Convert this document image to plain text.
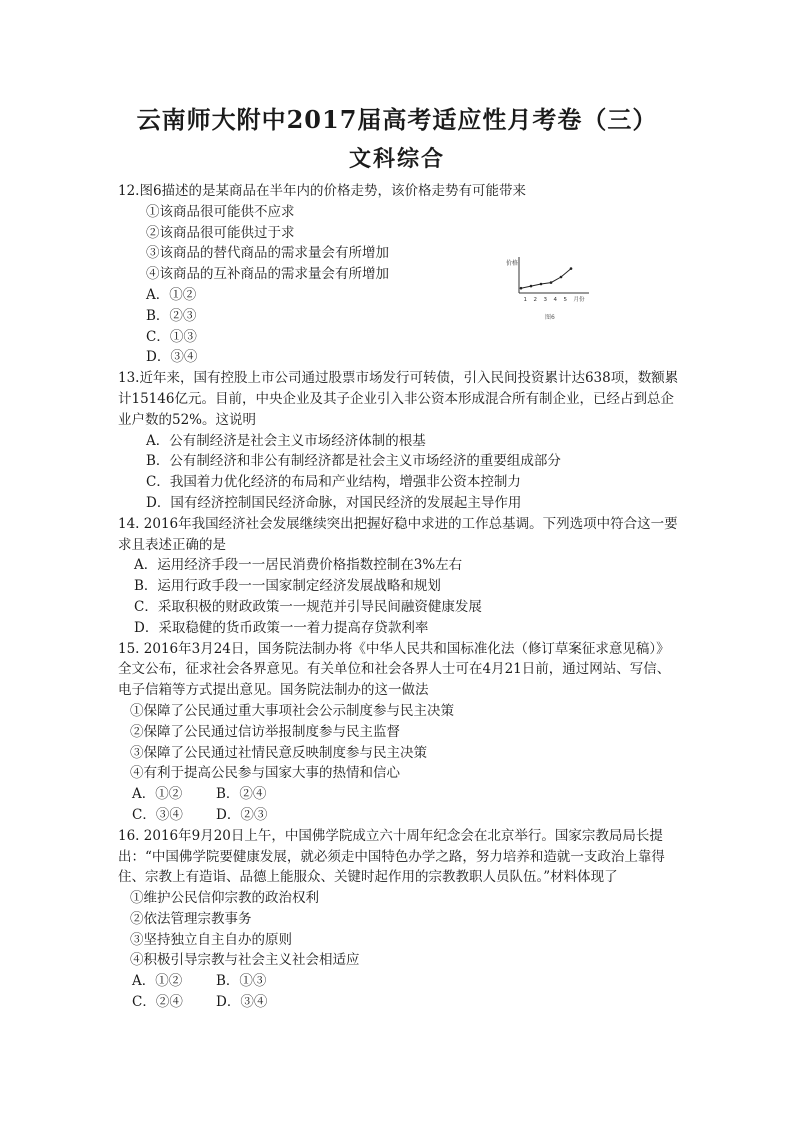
云南师大附中2017届高考适应性月考卷（三）
文科综合

12.图6描述的是某商品在半年内的价格走势，该价格走势有可能带来

①该商品很可能供不应求

②该商品很可能供过于求

③该商品的替代商品的需求量会有所增加

④该商品的互补商品的需求量会有所增加

A．①②

B．②③

C．①③

D．③④

13.近年来，国有控股上市公司通过股票市场发行可转债，引入民间投资累计达638项，数额累计15146亿元。目前，中央企业及其子企业引入非公资本形成混合所有制企业，已经占到总企业户数的52%。这说明

A．公有制经济是社会主义市场经济体制的根基

B．公有制经济和非公有制经济都是社会主义市场经济的重要组成部分

C．我国着力优化经济的布局和产业结构，增强非公资本控制力

D．国有经济控制国民经济命脉，对国民经济的发展起主导作用

14. 2016年我国经济社会发展继续突出把握好稳中求进的工作总基调。下列选项中符合这一要求且表述正确的是

A．运用经济手段一一居民消费价格指数控制在3%左右

B．运用行政手段一一国家制定经济发展战略和规划

C．采取积极的财政政策一一规范并引导民间融资健康发展

D．采取稳健的货币政策一一着力提高存贷款利率

15. 2016年3月24日，国务院法制办将《中华人民共和国标准化法（修订草案征求意见稿）》全文公布，征求社会各界意见。有关单位和社会各界人士可在4月21日前，通过网站、写信、电子信箱等方式提出意见。国务院法制办的这一做法

①保障了公民通过重大事项社会公示制度参与民主决策

②保障了公民通过信访举报制度参与民主监督

③保障了公民通过社情民意反映制度参与民主决策

④有利于提高公民参与国家大事的热情和信心

A．①②	B．②④

C．③④ D．②③

16. 2016年9月20日上午，中国佛学院成立六十周年纪念会在北京举行。国家宗教局局长提出：“中国佛学院要健康发展，就必须走中国特色办学之路，努力培养和造就一支政治上靠得住、宗教上有造诣、品德上能服众、关键时起作用的宗教教职人员队伍。”材料体现了

①维护公民信仰宗教的政治权利

②依法管理宗教事务

③坚持独立自主自办的原则

④积极引导宗教与社会主义社会相适应

A．①②	B．①③

C．②④ D．③④

价格
1 2 3 4 5 月份
图6
